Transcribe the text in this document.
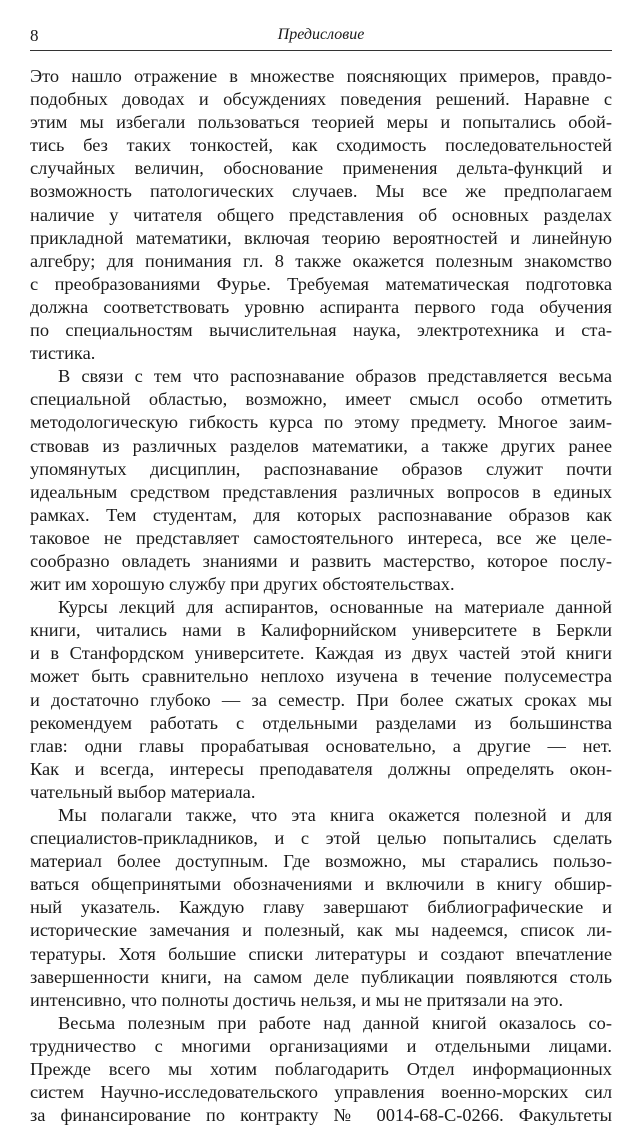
8	Предисловие
Это нашло отражение в множестве поясняющих примеров, правдо-
подобных доводах и обсуждениях поведения решений. Наравне с
этим мы избегали пользоваться теорией меры и попытались обой-
тись без таких тонкостей, как сходимость последовательностей
случайных величин, обоснование применения дельта-функций и
возможность патологических случаев. Мы все же предполагаем
наличие у читателя общего представления об основных разделах
прикладной математики, включая теорию вероятностей и линейную
алгебру; для понимания гл. 8 также окажется полезным знакомство
с преобразованиями Фурье. Требуемая математическая подготовка
должна соответствовать уровню аспиранта первого года обучения
по специальностям вычислительная наука, электротехника и ста-
тистика.
В связи с тем что распознавание образов представляется весьма
специальной областью, возможно, имеет смысл особо отметить
методологическую гибкость курса по этому предмету. Многое заим-
ствовав из различных разделов математики, а также других ранее
упомянутых дисциплин, распознавание образов служит почти
идеальным средством представления различных вопросов в единых
рамках. Тем студентам, для которых распознавание образов как
таковое не представляет самостоятельного интереса, все же целе-
сообразно овладеть знаниями и развить мастерство, которое послу-
жит им хорошую службу при других обстоятельствах.
Курсы лекций для аспирантов, основанные на материале данной
книги, читались нами в Калифорнийском университете в Беркли
и в Станфордском университете. Каждая из двух частей этой книги
может быть сравнительно неплохо изучена в течение полусеместра
и достаточно глубоко — за семестр. При более сжатых сроках мы
рекомендуем работать с отдельными разделами из большинства
глав: одни главы прорабатывая основательно, а другие — нет.
Как и всегда, интересы преподавателя должны определять окон-
чательный выбор материала.
Мы полагали также, что эта книга окажется полезной и для
специалистов-прикладников, и с этой целью попытались сделать
материал более доступным. Где возможно, мы старались пользо-
ваться общепринятыми обозначениями и включили в книгу обшир-
ный указатель. Каждую главу завершают библиографические и
исторические замечания и полезный, как мы надеемся, список ли-
тературы. Хотя большие списки литературы и создают впечатление
завершенности книги, на самом деле публикации появляются столь
интенсивно, что полноты достичь нельзя, и мы не притязали на это.
Весьма полезным при работе над данной книгой оказалось со-
трудничество с многими организациями и отдельными лицами.
Прежде всего мы хотим поблагодарить Отдел информационных
систем Научно-исследовательского управления военно-морских сил
за финансирование по контракту № 0014-68-С-0266. Факультеты
